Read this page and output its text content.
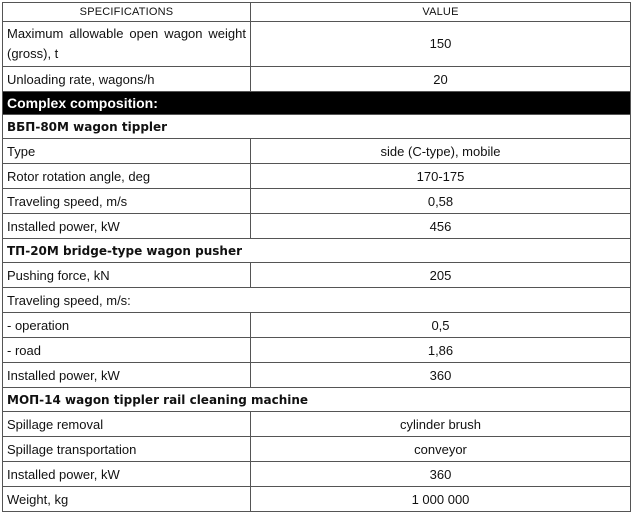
SPECIFICATIONS	VALUE
Maximum allowable open wagon weight (gross), t	150
Unloading rate, wagons/h	20
Complex composition:	
ВБП-80М wagon tippler	
Type	side (C-type), mobile
Rotor rotation angle, deg	170-175
Traveling speed, m/s	0,58
Installed power, kW	456
ТП-20М bridge-type wagon pusher	
Pushing force, kN	205
Traveling speed, m/s:	
- operation	0,5
- road	1,86
Installed power, kW	360
МОП-14 wagon tippler rail cleaning machine	
Spillage removal	cylinder brush
Spillage transportation	conveyor
Installed power, kW	360
Weight, kg	1 000 000
